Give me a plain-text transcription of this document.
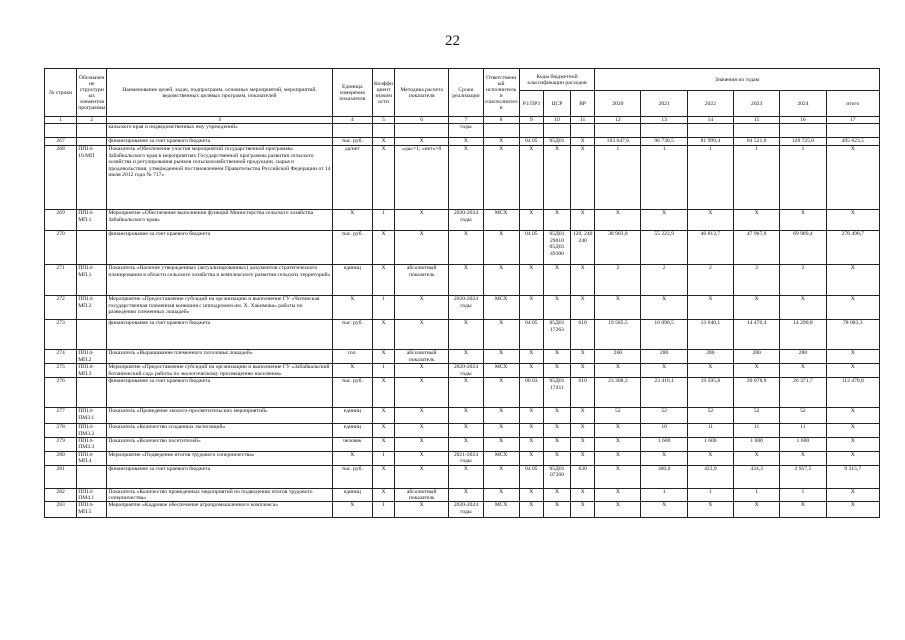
22
№ строки	Обозначение структурных элементов программы	Наименование целей, задач, подпрограмм, основных мероприятий, мероприятий, ведомственных целевых программ, показателей	Единица измерения показателя	Коэффициент значимости	Методика расчета показателя	Сроки реализации	Ответственный исполнитель и соисполнители	Коды бюджетной классификации расходов			Значения по годам					
								РЗ ПР3	ЦСР	ВР	2020	2021	2022	2023	2024	итого
1	2	3	4	5	6	7	8	9	10	11	12	13	14	15	16	17
		кальского края и подведомственных ему учреждений»				годы										
267		финансирование за счет краевого бюджета	тыс. руб.	X	X	X	X	04 05	05Д01	X	103 647,6	96 730,5	81 999,4	84 521,0	128 725,0	495 623,5
268	ПП14-10.МП	Показатель «Обеспечение участия мероприятий государственной программы Забайкальского края в мероприятиях Государственной программы развития сельского хозяйства и регулирования рынков сельскохозяйственной продукции, сырья и продовольствия, утвержденной постановлением Правительства Российской Федерации от 14 июля 2012 года № 717»	да/нет	X	«да»=1; «нет»=0	X	X	X	X	X	1	1	1	1	1	X
269	ПП14-МП.1	Мероприятие «Обеспечение выполнения функций Министерства сельского хозяйства Забайкальского края»	X	1	X	2020-2024 годы	МСХ	X	X	X	X	X	X	X	X	X
270		финансирование за счет краевого бюджета	тыс. руб.	X	X	X	X	04 05	05Д01 29010 05Д01 49300	120, 240 240	38 903,8	55 223,9	46 813,7	47 967,0	69 989,4	278 498,7
271	ПП14-МП.1	Показатель «Наличие утвержденных (актуализированных) документов стратегического планирования в области сельского хозяйства и комплексного развития сельских территорий»	единиц	X	абсолютный показатель	X	X	X	X	X	2	2	2	2	2	X
272	ПП14-МП.2	Мероприятие «Предоставление субсидий на организацию и выполнение ГУ «Читинская государственная племенная конюшня с ипподромом им. Х. Хакимова» работы по разведению племенных лошадей»	X	1	X	2020-2024 годы	МСХ	X	X	X	X	X	X	X	X	X
273		финансирование за счет краевого бюджета	тыс. руб.	X	X	X	X	04 05	05Д01 17263	610	19 585,5	16 090,5	13 640,1	14 476,4	14 290,8	78 083,3
274	ПП14-МП.2	Показатель «Выращивание племенного поголовья лошадей»	гол.	X	абсолютный показатель	X	X	X	X	X	260	280	280	280	280	X
275	ПП14-МП.3	Мероприятие «Предоставление субсидий на организацию и выполнение ГУ «Забайкальский ботанический сад» работы по экологическому просвещению населения»	X	1	X	2020-2024 годы	МСХ	X	X	X	X	X	X	X	X	X
276		финансирование за счет краевого бюджета	тыс. руб.	X	X	X	X	06 03	05Д01 17411	610	23 308,3	23 416,1	19 595,8	20 078,9	26 371,7	112 470,8
277	ПП14-ПМ3.1	Показатель «Проведение эколого-просветительских мероприятий»	единиц	X	X	X	X	X	X	X	52	52	52	52	52	X
278	ПП14-ПМ3.2	Показатель «Количество созданных экспозиций»	единиц	X	X	X	X	X	X	X	X	10	11	11	11	X
279	ПП14-ПМ3.3	Показатель «Количество посетителей»	человек	X	X	X	X	X	X	X	X	1 600	1 600	1 600	1 600	X
280	ПП14-МП.4	Мероприятие «Подведение итогов трудового соперничества»	X	1	X	2021-2024 годы	МСХ	X	X	X	X	X	X	X	X	X
281		финансирование за счет краевого бюджета	тыс. руб.	X	X	X	X	04 05	05Д01 07260	630	X	300,0	423,9	434,3	2 957,5	9 315,7
282	ПП14-ПМ4.1	Показатель «Количество проведенных мероприятий по подведению итогов трудового соперничества»	единиц	X	абсолютный показатель	X	X	X	X	X	X	1	1	1	1	X
283	ПП14-МП.5	Мероприятие «Кадровое обеспечение агропромышленного комплекса»	X	1	X	2020-2024 годы	МСХ	X	X	X	X	X	X	X	X	X
